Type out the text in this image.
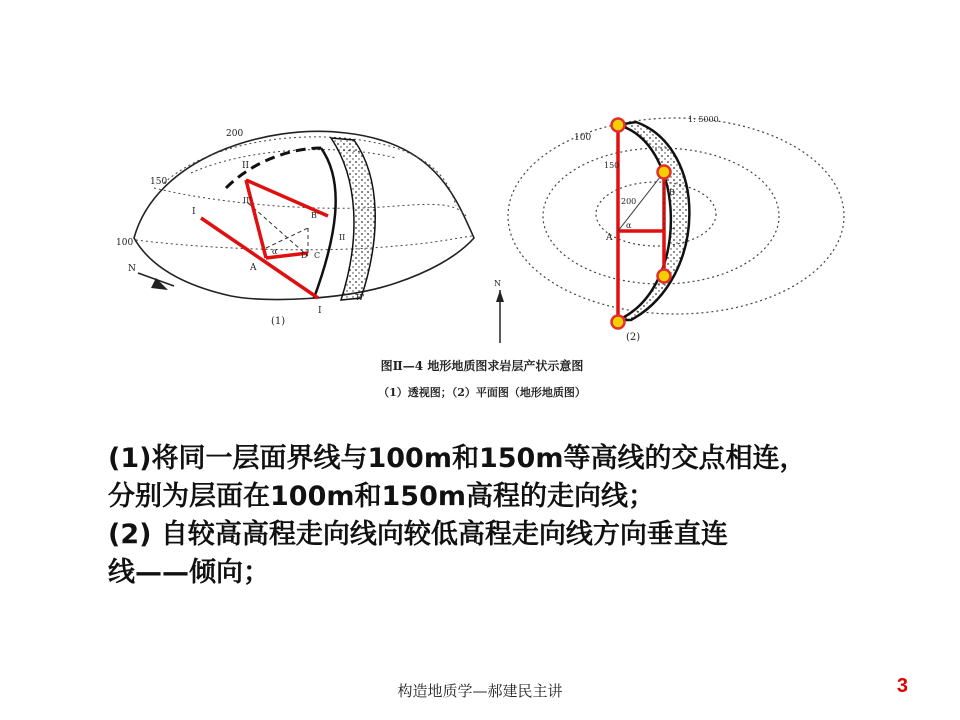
200
150
100
II
I
II'
B'
II
A
α	D C
I
II'
N
(1)
1: 5000
100
150
200
A
α
B
C
N
(2)
图Ⅱ—4 地形地质图求岩层产状示意图
（1）透视图；（2）平面图（地形地质图）

(1)将同一层面界线与100m和150m等高线的交点相连，

分别为层面在100m和150m高程的走向线；

(2) 自较高高程走向线向较低高程走向线方向垂直连

线——倾向；

构造地质学—郝建民主讲	3
